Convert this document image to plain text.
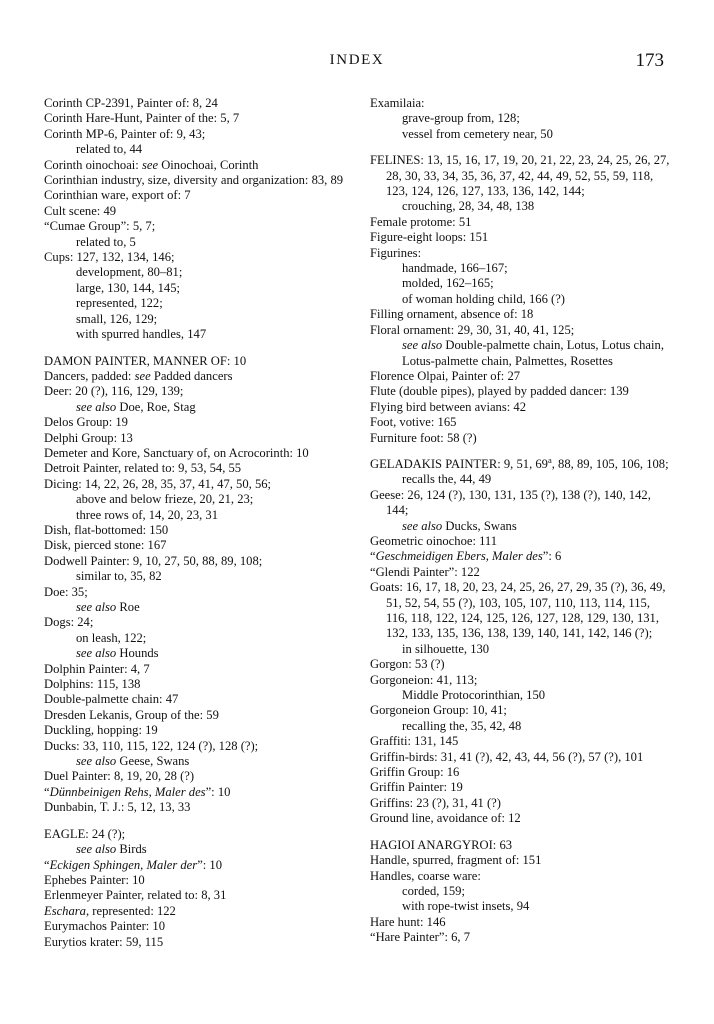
INDEX	173

Corinth CP-2391, Painter of: 8, 24

Corinth Hare-Hunt, Painter of the: 5, 7

Corinth MP-6, Painter of: 9, 43;
related to, 44

Corinth oinochoai: see Oinochoai, Corinth

Corinthian industry, size, diversity and organization: 83, 89

Corinthian ware, export of: 7

Cult scene: 49

“Cumae Group”: 5, 7;
related to, 5

Cups: 127, 132, 134, 146;
development, 80–81;
large, 130, 144, 145;
represented, 122;
small, 126, 129;
with spurred handles, 147

DAMON PAINTER, MANNER OF: 10

Dancers, padded: see Padded dancers

Deer: 20 (?), 116, 129, 139;
see also Doe, Roe, Stag

Delos Group: 19

Delphi Group: 13

Demeter and Kore, Sanctuary of, on Acrocorinth: 10

Detroit Painter, related to: 9, 53, 54, 55

Dicing: 14, 22, 26, 28, 35, 37, 41, 47, 50, 56;
above and below frieze, 20, 21, 23;
three rows of, 14, 20, 23, 31

Dish, flat-bottomed: 150

Disk, pierced stone: 167

Dodwell Painter: 9, 10, 27, 50, 88, 89, 108;
similar to, 35, 82

Doe: 35;
see also Roe

Dogs: 24;
on leash, 122;
see also Hounds

Dolphin Painter: 4, 7

Dolphins: 115, 138

Double-palmette chain: 47

Dresden Lekanis, Group of the: 59

Duckling, hopping: 19

Ducks: 33, 110, 115, 122, 124 (?), 128 (?);
see also Geese, Swans

Duel Painter: 8, 19, 20, 28 (?)

“Dünnbeinigen Rehs, Maler des”: 10

Dunbabin, T. J.: 5, 12, 13, 33

EAGLE: 24 (?);
see also Birds

“Eckigen Sphingen, Maler der”: 10

Ephebes Painter: 10

Erlenmeyer Painter, related to: 8, 31

Eschara, represented: 122

Eurymachos Painter: 10

Eurytios krater: 59, 115

Examilaia:
grave-group from, 128;
vessel from cemetery near, 50

FELINES: 13, 15, 16, 17, 19, 20, 21, 22, 23, 24, 25, 26, 27, 28, 30, 33, 34, 35, 36, 37, 42, 44, 49, 52, 55, 59, 118, 123, 124, 126, 127, 133, 136, 142, 144;
crouching, 28, 34, 48, 138

Female protome: 51

Figure-eight loops: 151

Figurines:
handmade, 166–167;
molded, 162–165;
of woman holding child, 166 (?)

Filling ornament, absence of: 18

Floral ornament: 29, 30, 31, 40, 41, 125;
see also Double-palmette chain, Lotus, Lotus chain, Lotus-palmette chain, Palmettes, Rosettes

Florence Olpai, Painter of: 27

Flute (double pipes), played by padded dancer: 139

Flying bird between avians: 42

Foot, votive: 165

Furniture foot: 58 (?)

GELADAKIS PAINTER: 9, 51, 69$^a$, 88, 89, 105, 106, 108;
recalls the, 44, 49

Geese: 26, 124 (?), 130, 131, 135 (?), 138 (?), 140, 142, 144;
see also Ducks, Swans

Geometric oinochoe: 111

“Geschmeidigen Ebers, Maler des”: 6

“Glendi Painter”: 122

Goats: 16, 17, 18, 20, 23, 24, 25, 26, 27, 29, 35 (?), 36, 49, 51, 52, 54, 55 (?), 103, 105, 107, 110, 113, 114, 115, 116, 118, 122, 124, 125, 126, 127, 128, 129, 130, 131, 132, 133, 135, 136, 138, 139, 140, 141, 142, 146 (?);
in silhouette, 130

Gorgon: 53 (?)

Gorgoneion: 41, 113;
Middle Protocorinthian, 150

Gorgoneion Group: 10, 41;
recalling the, 35, 42, 48

Graffiti: 131, 145

Griffin-birds: 31, 41 (?), 42, 43, 44, 56 (?), 57 (?), 101

Griffin Group: 16

Griffin Painter: 19

Griffins: 23 (?), 31, 41 (?)

Ground line, avoidance of: 12

HAGIOI ANARGYROI: 63

Handle, spurred, fragment of: 151

Handles, coarse ware:
corded, 159;
with rope-twist insets, 94

Hare hunt: 146

“Hare Painter”: 6, 7
